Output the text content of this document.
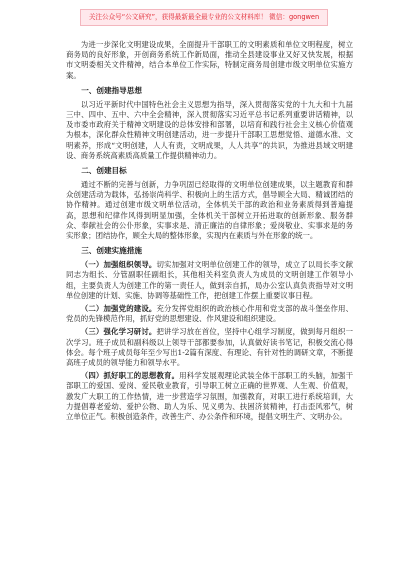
关注公众号“公文研究”，获得最新最全最专业的公文材料库！ 微信：gongwen

为进一步深化文明建设成果，全面提升干部职工的文明素质和单位文明程度，树立商务局的良好形象，开创商务系统工作新局面，推动全县建设事业又好又快发展，根据市文明委相关文件精神，结合本单位工作实际，特制定商务局创建市级文明单位实施方案。

一、创建指导思想

以习近平新时代中国特色社会主义思想为指导，深入贯彻落实党的十九大和十九届三中、四中、五中、六中全会精神，深入贯彻落实习近平总书记系列重要讲话精神，以及市委市政府关于精神文明建设的总体安排和部署，以培育和践行社会主义核心价值观为根本，深化群众性精神文明创建活动，进一步提升干部职工思想觉悟、道德水准、文明素养，形成“文明创建，人人有责，文明成果，人人共享”的共识，为推进县域文明建设、商务系统高素质高质量工作提供精神动力。

二、创建目标

通过不断的完善与创新，力争巩固已经取得的文明单位创建成果，以主题教育和群众创建活动为载体，弘扬崇尚科学、积极向上的生活方式，倡导顾全大局、精诚团结的协作精神。通过创建市级文明单位活动，全体机关干部的政治和业务素质得到普遍提高，思想和纪律作风得到明显加强，全体机关干部树立开拓进取的创新形象、服务群众、奉献社会的公仆形象，实事求是、清正廉洁的自律形象；爱岗敬业、实事求是的务实形象；团结协作，顾全大局的整体形象，实现内在素质与外在形象的统一。

三、创建实施措施

（一）加强组织领导。切实加强对文明单位创建工作的领导，成立了以局长李文献同志为组长、分管副职任副组长，其他相关科室负责人为成员的文明创建工作领导小组，主要负责人为创建工作的第一责任人，做到亲自抓，局办公室认真负责指导对文明单位创建的计划、实施、协调等基础性工作，把创建工作摆上重要议事日程。

（二）加强党的建设。充分发挥党组织的政治核心作用和党支部的战斗堡垒作用、党员的先锋模范作用，抓好党的思想建设、作风建设和组织建设。

（三）强化学习研讨。把讲学习放在首位，坚持中心组学习制度，做到每月组织一次学习。班子成员和副科级以上领导干部都要参加，认真做好读书笔记，积极交流心得体会。每个班子成员每年至少写出1-2篇有深度、有理论、有针对性的调研文章，不断提高班子成员的领导能力和领导水平。

（四）抓好职工的思想教育。用科学发展观理论武装全体干部职工的头脑，加强干部职工的爱国、爱岗、爱民敬业教育，引导职工树立正确的世界观、人生观、价值观，激发广大职工的工作热情，进一步营造学习氛围，加强教育，对职工进行系统培训，大力提倡尊老爱幼、爱护公物、助人为乐、见义勇为、扶困济贫精神，打击歪风邪气，树立单位正气。积极创造条件，改善生产、办公条件和环境，提倡文明生产、文明办公。
